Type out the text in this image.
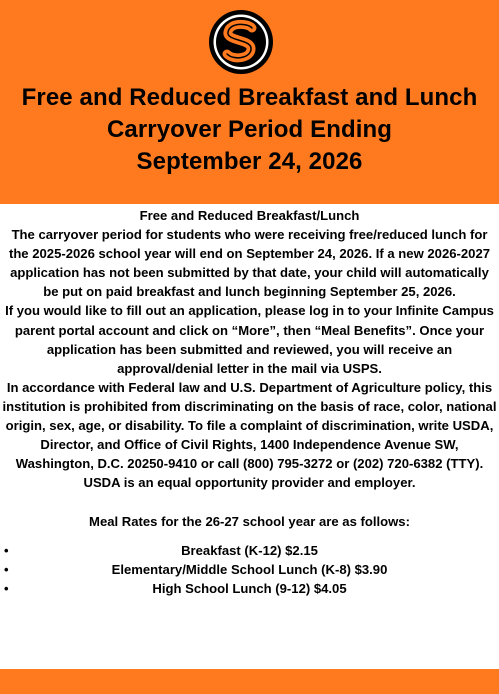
Free and Reduced Breakfast and Lunch
Carryover Period Ending
September 24, 2026

Free and Reduced Breakfast/Lunch

The carryover period for students who were receiving free/reduced lunch for the 2025-2026 school year will end on September 24, 2026. If a new 2026-2027 application has not been submitted by that date, your child will automatically be put on paid breakfast and lunch beginning September 25, 2026.

If you would like to fill out an application, please log in to your Infinite Campus parent portal account and click on “More”, then “Meal Benefits”. Once your application has been submitted and reviewed, you will receive an approval/denial letter in the mail via USPS.

In accordance with Federal law and U.S. Department of Agriculture policy, this institution is prohibited from discriminating on the basis of race, color, national origin, sex, age, or disability. To file a complaint of discrimination, write USDA, Director, and Office of Civil Rights, 1400 Independence Avenue SW, Washington, D.C. 20250-9410 or call (800) 795-3272 or (202) 720-6382 (TTY). USDA is an equal opportunity provider and employer.

Meal Rates for the 26-27 school year are as follows:

•	Breakfast (K-12) $2.15
•	Elementary/Middle School Lunch (K-8) $3.90
•	High School Lunch (9-12) $4.05
